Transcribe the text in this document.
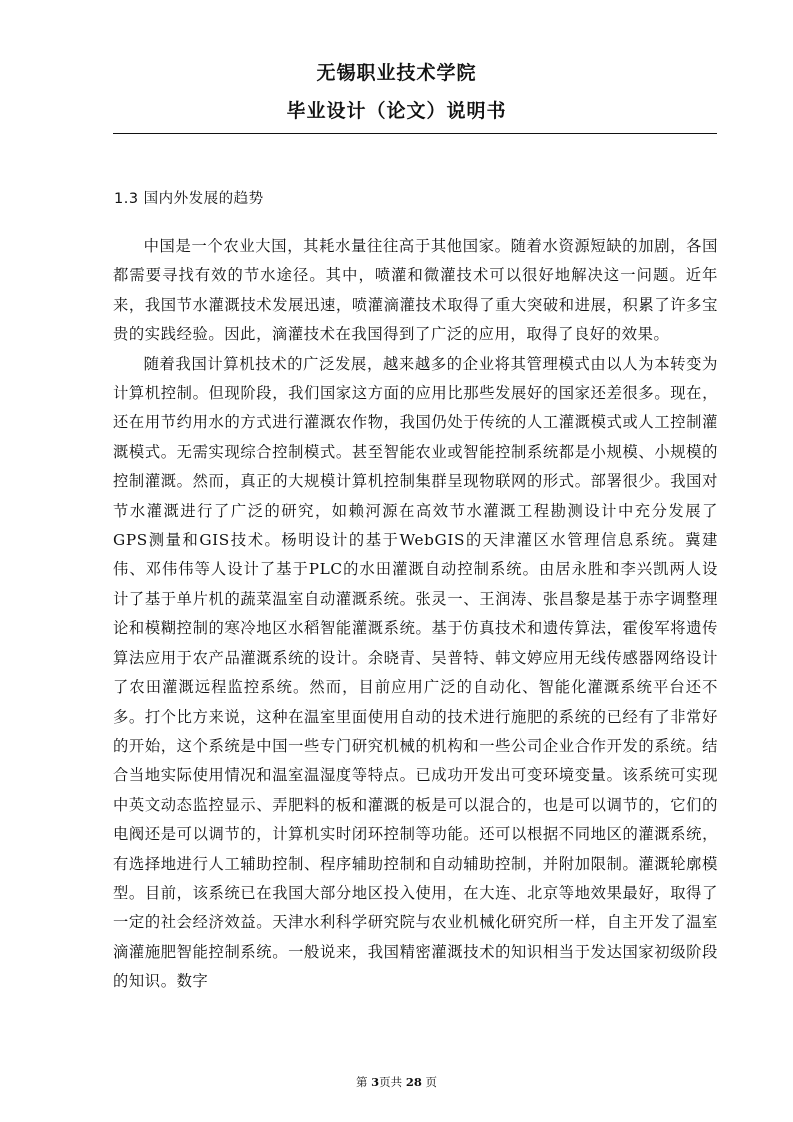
无锡职业技术学院
毕业设计（论文）说明书
1.3 国内外发展的趋势

中国是一个农业大国，其耗水量往往高于其他国家。随着水资源短缺的加剧，各国都需要寻找有效的节水途径。其中，喷灌和微灌技术可以很好地解决这一问题。近年来，我国节水灌溉技术发展迅速，喷灌滴灌技术取得了重大突破和进展，积累了许多宝贵的实践经验。因此，滴灌技术在我国得到了广泛的应用，取得了良好的效果。

随着我国计算机技术的广泛发展，越来越多的企业将其管理模式由以人为本转变为计算机控制。但现阶段，我们国家这方面的应用比那些发展好的国家还差很多。现在，还在用节约用水的方式进行灌溉农作物，我国仍处于传统的人工灌溉模式或人工控制灌溉模式。无需实现综合控制模式。甚至智能农业或智能控制系统都是小规模、小规模的控制灌溉。然而，真正的大规模计算机控制集群呈现物联网的形式。部署很少。我国对节水灌溉进行了广泛的研究，如赖河源在高效节水灌溉工程勘测设计中充分发展了GPS测量和GIS技术。杨明设计的基于WebGIS的天津灌区水管理信息系统。冀建伟、邓伟伟等人设计了基于PLC的水田灌溉自动控制系统。由居永胜和李兴凯两人设计了基于单片机的蔬菜温室自动灌溉系统。张灵一、王润涛、张昌黎是基于赤字调整理论和模糊控制的寒冷地区水稻智能灌溉系统。基于仿真技术和遗传算法，霍俊军将遗传算法应用于农产品灌溉系统的设计。余晓青、吴普特、韩文婷应用无线传感器网络设计了农田灌溉远程监控系统。然而，目前应用广泛的自动化、智能化灌溉系统平台还不多。打个比方来说，这种在温室里面使用自动的技术进行施肥的系统的已经有了非常好的开始，这个系统是中国一些专门研究机械的机构和一些公司企业合作开发的系统。结合当地实际使用情况和温室温湿度等特点。已成功开发出可变环境变量。该系统可实现中英文动态监控显示、弄肥料的板和灌溉的板是可以混合的，也是可以调节的，它们的电阀还是可以调节的，计算机实时闭环控制等功能。还可以根据不同地区的灌溉系统，有选择地进行人工辅助控制、程序辅助控制和自动辅助控制，并附加限制。灌溉轮廓模型。目前，该系统已在我国大部分地区投入使用，在大连、北京等地效果最好，取得了一定的社会经济效益。天津水利科学研究院与农业机械化研究所一样，自主开发了温室滴灌施肥智能控制系统。一般说来，我国精密灌溉技术的知识相当于发达国家初级阶段的知识。数字

第 3页共 28 页
